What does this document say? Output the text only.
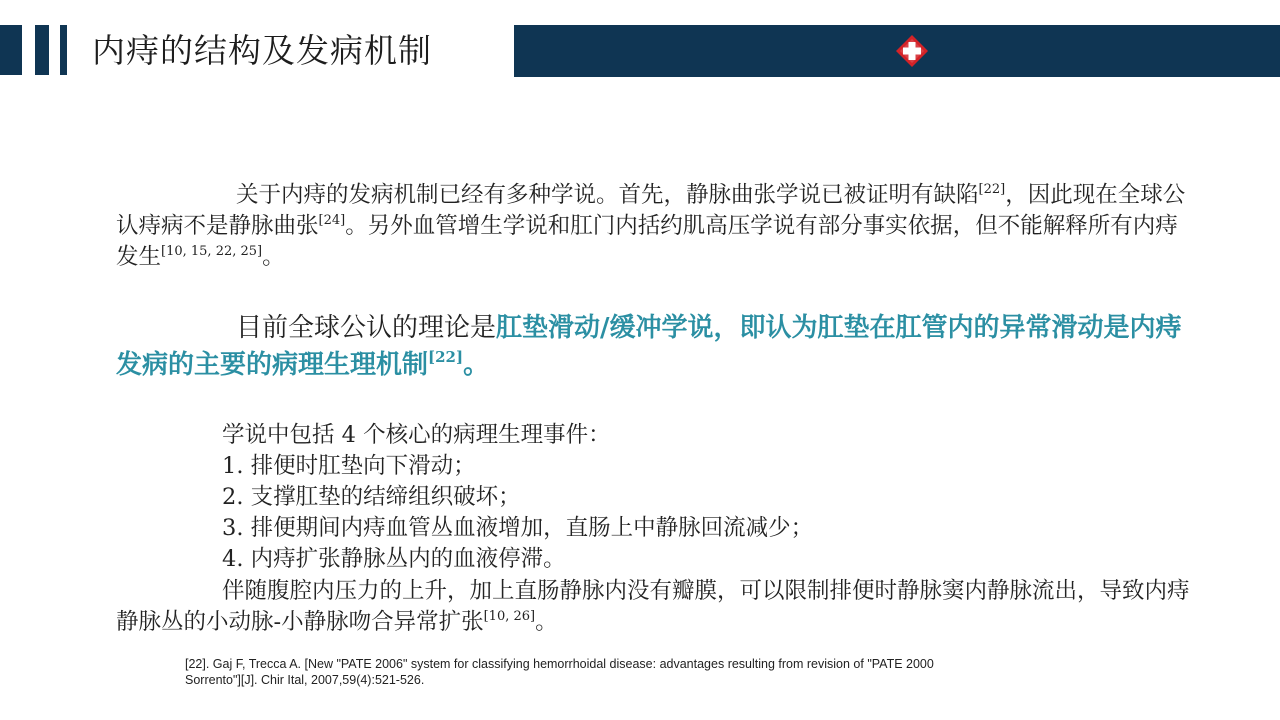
内痔的结构及发病机制
关于内痔的发病机制已经有多种学说。首先，静脉曲张学说已被证明有缺陷[22]，因此现在全球公认痔病不是静脉曲张[24]。另外血管增生学说和肛门内括约肌高压学说有部分事实依据，但不能解释所有内痔发生[10, 15, 22, 25]。
目前全球公认的理论是肛垫滑动/缓冲学说，即认为肛垫在肛管内的异常滑动是内痔发病的主要的病理生理机制[22]。
学说中包括 4 个核心的病理生理事件：
1. 排便时肛垫向下滑动；
2. 支撑肛垫的结缔组织破坏；
3. 排便期间内痔血管丛血液增加，直肠上中静脉回流减少；
4. 内痔扩张静脉丛内的血液停滞。
伴随腹腔内压力的上升，加上直肠静脉内没有瓣膜，可以限制排便时静脉窦内静脉流出，导致内痔静脉丛的小动脉-小静脉吻合异常扩张[10, 26]。
[22]. Gaj F, Trecca A. [New "PATE 2006" system for classifying hemorrhoidal disease: advantages resulting from revision of "PATE 2000
Sorrento"][J]. Chir Ital, 2007,59(4):521-526.
